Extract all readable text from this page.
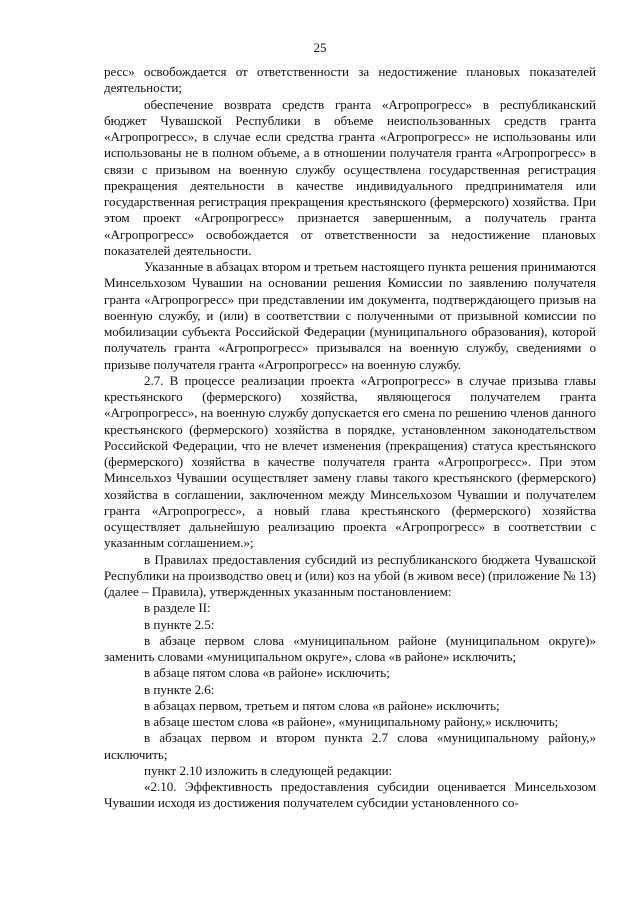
25

ресс» освобождается от ответственности за недостижение плановых показателей деятельности;

обеспечение возврата средств гранта «Агропрогресс» в республиканский бюджет Чувашской Республики в объеме неиспользованных средств гранта «Агропрогресс», в случае если средства гранта «Агропрогресс» не использованы или использованы не в полном объеме, а в отношении получателя гранта «Агропрогресс» в связи с призывом на военную службу осуществлена государственная регистрация прекращения деятельности в качестве индивидуального предпринимателя или государственная регистрация прекращения крестьянского (фермерского) хозяйства. При этом проект «Агропрогресс» признается завершенным, а получатель гранта «Агропрогресс» освобождается от ответственности за недостижение плановых показателей деятельности.

Указанные в абзацах втором и третьем настоящего пункта решения принимаются Минсельхозом Чувашии на основании решения Комиссии по заявлению получателя гранта «Агропрогресс» при представлении им документа, подтверждающего призыв на военную службу, и (или) в соответствии с полученными от призывной комиссии по мобилизации субъекта Российской Федерации (муниципального образования), которой получатель гранта «Агропрогресс» призывался на военную службу, сведениями о призыве получателя гранта «Агропрогресс» на военную службу.

2.7. В процессе реализации проекта «Агропрогресс» в случае призыва главы крестьянского (фермерского) хозяйства, являющегося получателем гранта «Агропрогресс», на военную службу допускается его смена по решению членов данного крестьянского (фермерского) хозяйства в порядке, установленном законодательством Российской Федерации, что не влечет изменения (прекращения) статуса крестьянского (фермерского) хозяйства в качестве получателя гранта «Агропрогресс». При этом Минсельхоз Чувашии осуществляет замену главы такого крестьянского (фермерского) хозяйства в соглашении, заключенном между Минсельхозом Чувашии и получателем гранта «Агропрогресс», а новый глава крестьянского (фермерского) хозяйства осуществляет дальнейшую реализацию проекта «Агропрогресс» в соответствии с указанным соглашением.»;

в Правилах предоставления субсидий из республиканского бюджета Чувашской Республики на производство овец и (или) коз на убой (в живом весе) (приложение № 13) (далее – Правила), утвержденных указанным постановлением:

в разделе II:

в пункте 2.5:

в абзаце первом слова «муниципальном районе (муниципальном округе)» заменить словами «муниципальном округе», слова «в районе» исключить;

в абзаце пятом слова «в районе» исключить;

в пункте 2.6:

в абзацах первом, третьем и пятом слова «в районе» исключить;

в абзаце шестом слова «в районе», «муниципальному району,» исключить;

в абзацах первом и втором пункта 2.7 слова «муниципальному району,» исключить;

пункт 2.10 изложить в следующей редакции:

«2.10. Эффективность предоставления субсидии оценивается Минсельхозом Чувашии исходя из достижения получателем субсидии установленного со-
